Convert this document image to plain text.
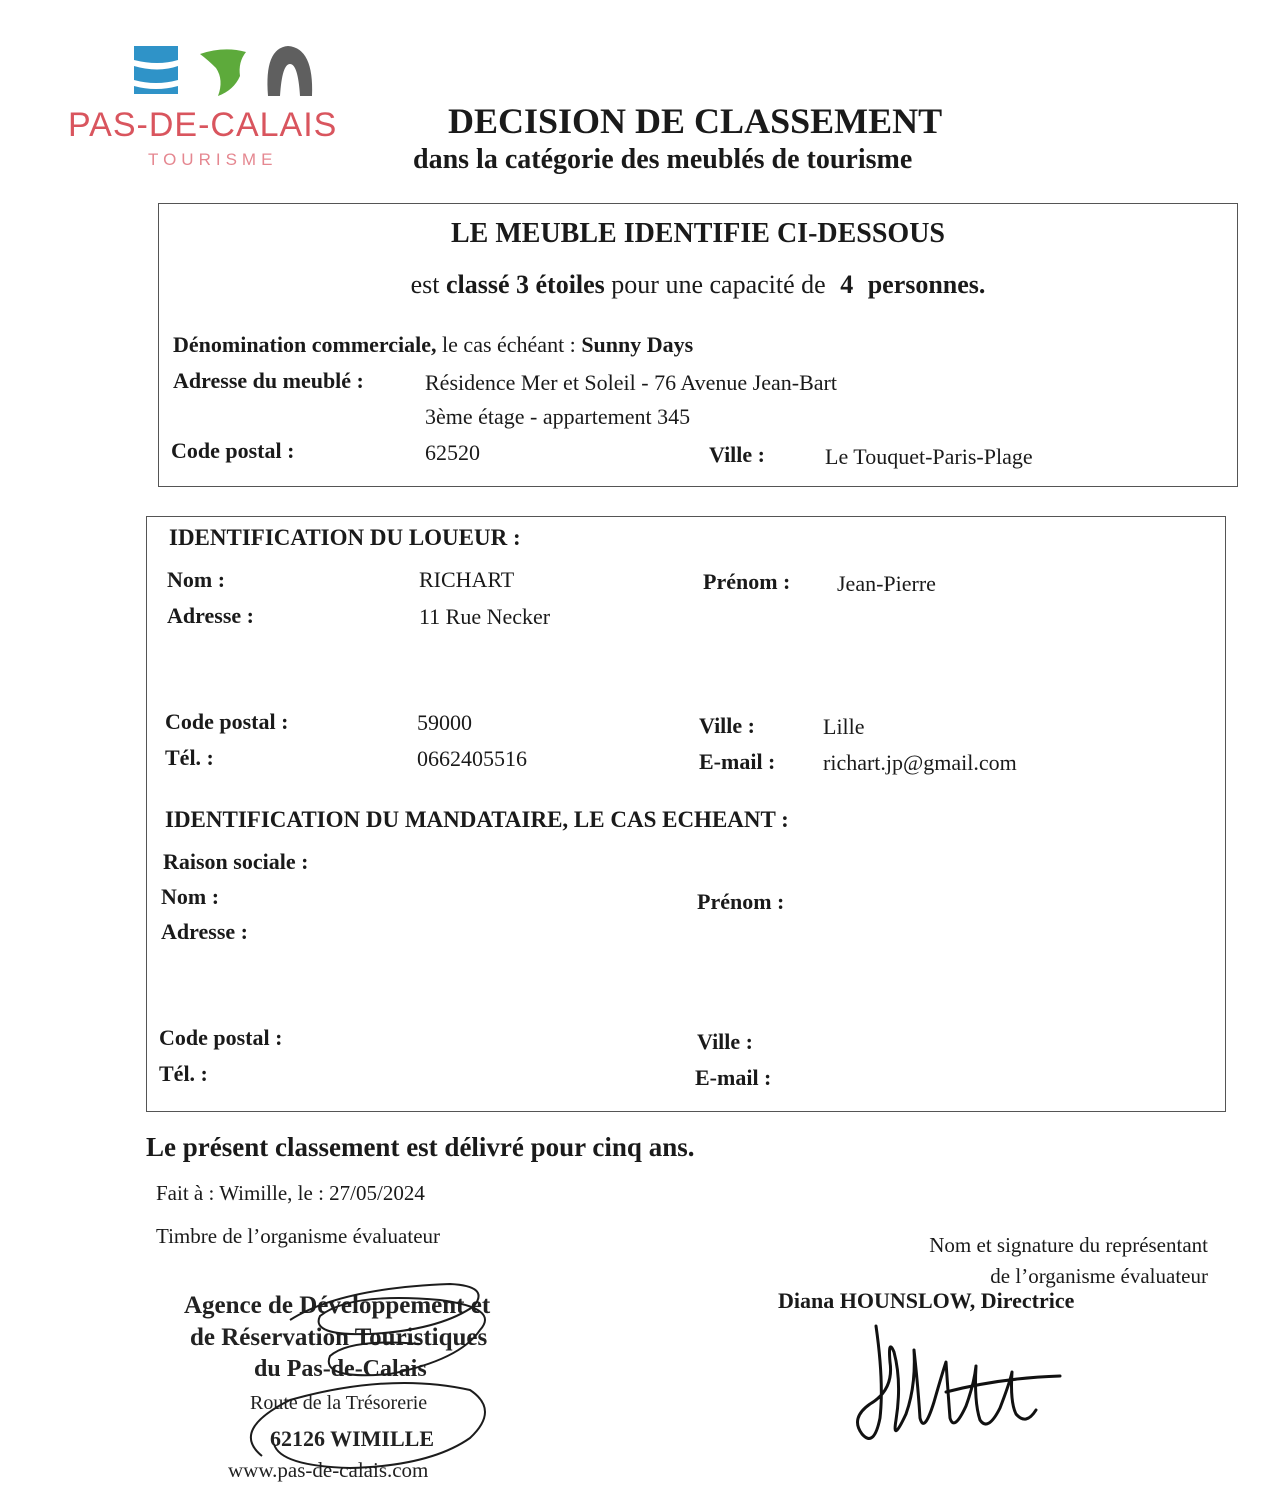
PAS-DE-CALAIS
TOURISME
DECISION DE CLASSEMENT
dans la catégorie des meublés de tourisme
LE MEUBLE IDENTIFIE CI-DESSOUS
est classé 3 étoiles pour une capacité de 4 personnes.
Dénomination commerciale, le cas échéant : Sunny Days
Adresse du meublé :	Résidence Mer et Soleil - 76 Avenue Jean-Bart
3ème étage - appartement 345
Code postal :	62520	Ville :	Le Touquet-Paris-Plage
IDENTIFICATION DU LOUEUR :
Nom :	RICHART	Prénom : Jean-Pierre
Adresse :	11 Rue Necker
Code postal :	59000	Ville :	Lille
Tél. :	0662405516	E-mail : richart.jp@gmail.com
IDENTIFICATION DU MANDATAIRE, LE CAS ECHEANT :
Raison sociale :
Nom :	Prénom :
Adresse :
Code postal :	Ville :
Tél. :	E-mail :
Le présent classement est délivré pour cinq ans.
Fait à : Wimille, le : 27/05/2024
Timbre de l’organisme évaluateur	Nom et signature du représentant
de l’organisme évaluateur
Diana HOUNSLOW, Directrice
Agence de Développement et
de Réservation Touristiques
du Pas-de-Calais
Route de la Trésorerie
62126 WIMILLE
www.pas-de-calais.com
